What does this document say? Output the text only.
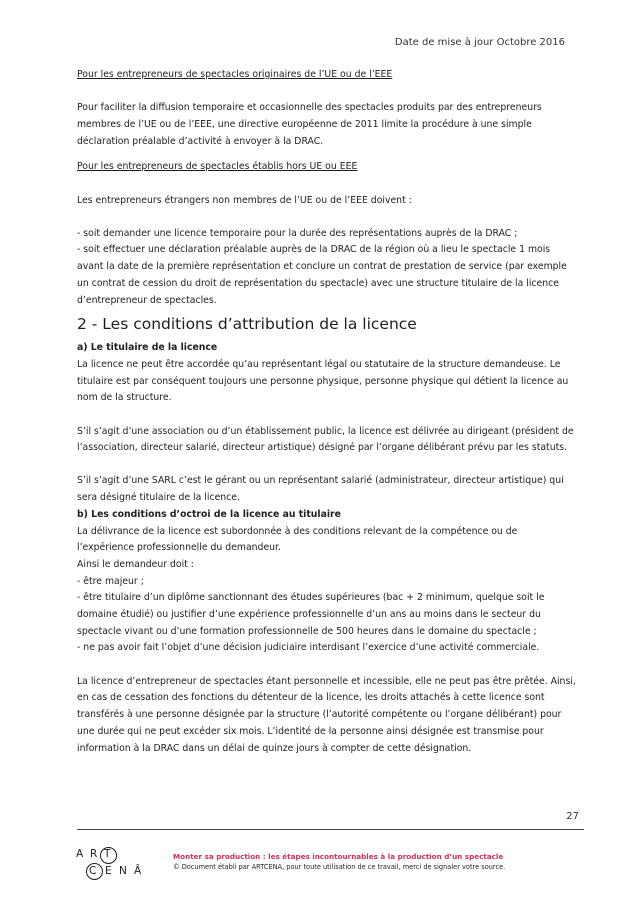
Date de mise à jour Octobre 2016

Pour les entrepreneurs de spectacles originaires de l’UE ou de l’EEE

Pour faciliter la diffusion temporaire et occasionnelle des spectacles produits par des entrepreneurs membres de l’UE ou de l’EEE, une directive européenne de 2011 limite la procédure à une simple déclaration préalable d’activité à envoyer à la DRAC.

Pour les entrepreneurs de spectacles établis hors UE ou EEE

Les entrepreneurs étrangers non membres de l’UE ou de l’EEE doivent :

- soit demander une licence temporaire pour la durée des représentations auprès de la DRAC ;

- soit effectuer une déclaration préalable auprès de la DRAC de la région où a lieu le spectacle 1 mois avant la date de la première représentation et conclure un contrat de prestation de service (par exemple un contrat de cession du droit de représentation du spectacle) avec une structure titulaire de la licence d’entrepreneur de spectacles.

2 - Les conditions d’attribution de la licence

a) Le titulaire de la licence

La licence ne peut être accordée qu’au représentant légal ou statutaire de la structure demandeuse. Le titulaire est par conséquent toujours une personne physique, personne physique qui détient la licence au nom de la structure.

S’il s’agit d’une association ou d’un établissement public, la licence est délivrée au dirigeant (président de l’association, directeur salarié, directeur artistique) désigné par l’organe délibérant prévu par les statuts.

S’il s’agit d’une SARL c’est le gérant ou un représentant salarié (administrateur, directeur artistique) qui sera désigné titulaire de la licence.

b) Les conditions d’octroi de la licence au titulaire

La délivrance de la licence est subordonnée à des conditions relevant de la compétence ou de l’expérience professionnelle du demandeur.

Ainsi le demandeur doit :

- être majeur ;

- être titulaire d’un diplôme sanctionnant des études supérieures (bac + 2 minimum, quelque soit le domaine étudié) ou justifier d’une expérience professionnelle d’un ans au moins dans le secteur du spectacle vivant ou d’une formation professionnelle de 500 heures dans le domaine du spectacle ;

- ne pas avoir fait l’objet d’une décision judiciaire interdisant l’exercice d’une activité commerciale.

La licence d’entrepreneur de spectacles étant personnelle et incessible, elle ne peut pas être prêtée. Ainsi, en cas de cessation des fonctions du détenteur de la licence, les droits attachés à cette licence sont transférés à une personne désignée par la structure (l’autorité compétente ou l’organe délibérant) pour une durée qui ne peut excéder six mois. L’identité de la personne ainsi désignée est transmise pour information à la DRAC dans un délai de quinze jours à compter de cette désignation.

27
A R T
C E N Â
Monter sa production : les étapes incontournables à la production d’un spectacle
© Document établi par ARTCENA, pour toute utilisation de ce travail, merci de signaler votre source.
